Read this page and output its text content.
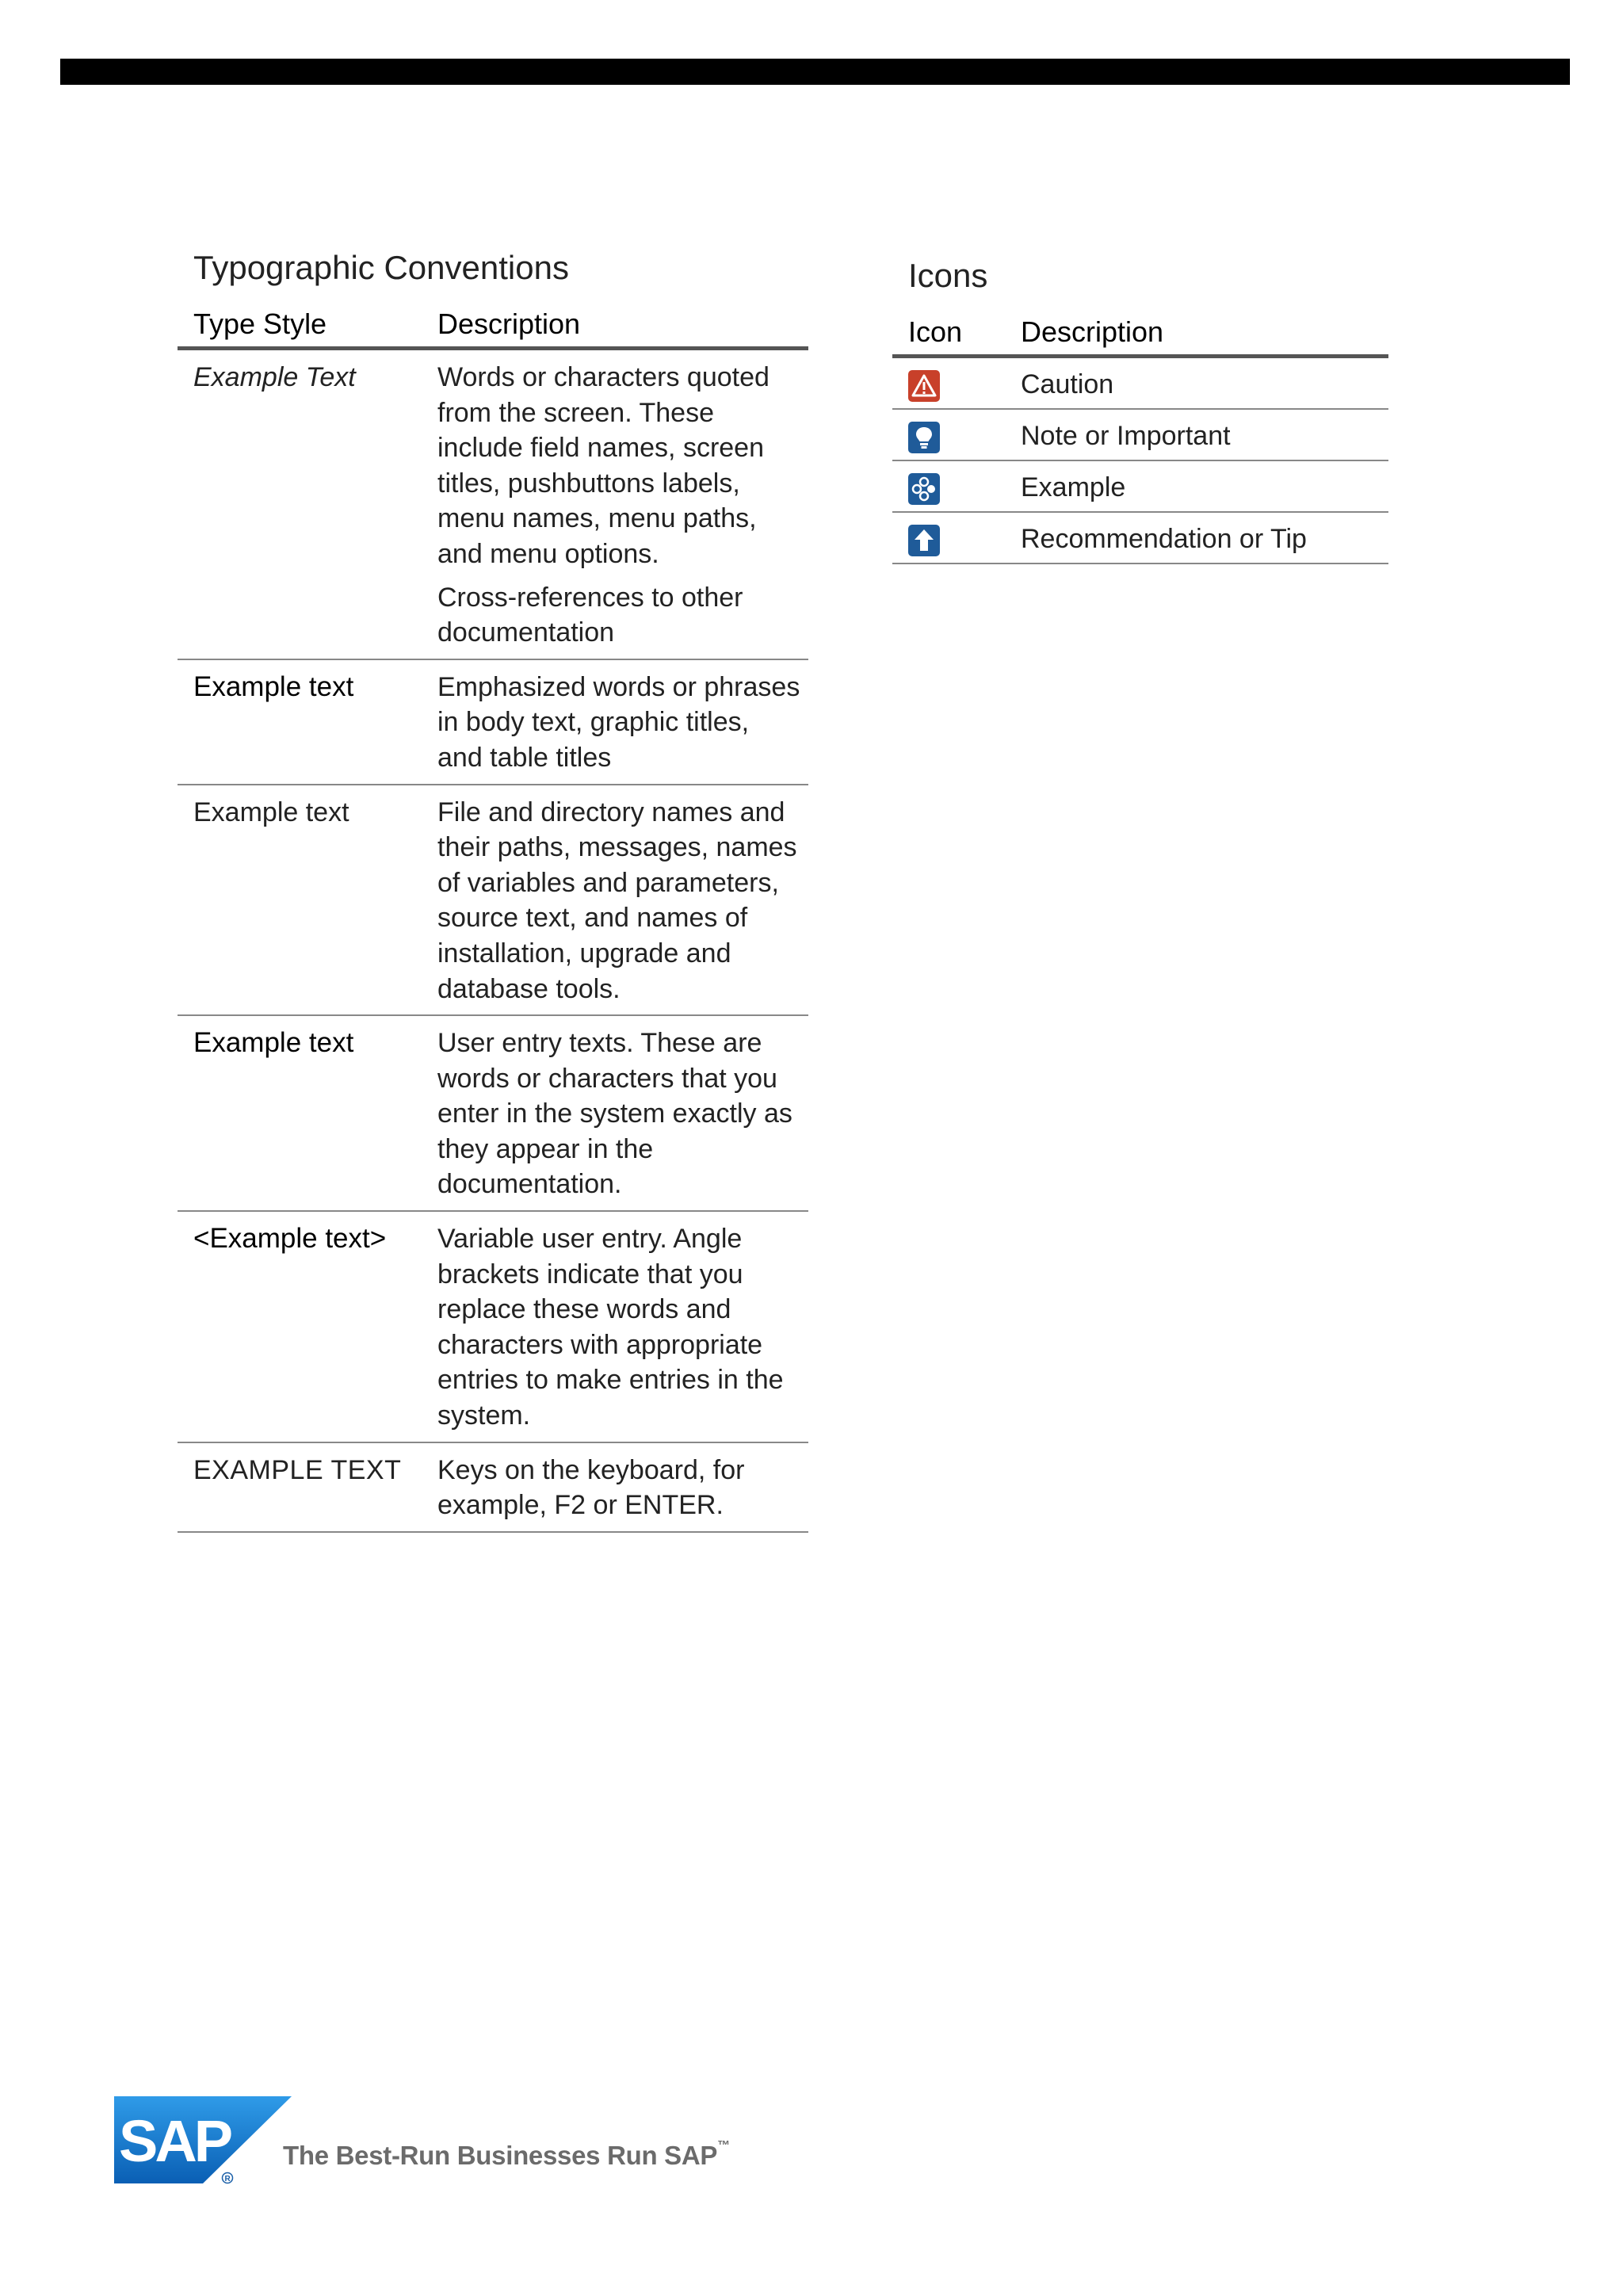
Typographic Conventions
Type Style	Description
Example Text	Words or characters quoted from the screen. These include field names, screen titles, pushbuttons labels, menu names, menu paths, and menu options.

Cross-references to other documentation

Example text	Emphasized words or phrases in body text, graphic titles, and table titles
Example text	File and directory names and their paths, messages, names of variables and parameters, source text, and names of installation, upgrade and database tools.
Example text	User entry texts. These are words or characters that you enter in the system exactly as they appear in the documentation.
<Example text>	Variable user entry. Angle brackets indicate that you replace these words and characters with appropriate entries to make entries in the system.
EXAMPLE TEXT	Keys on the keyboard, for example, F2 or ENTER.
Icons
Icon	Description

	Caution

	Note or Important

	Example

	Recommendation or Tip
SAP
R
The Best-Run Businesses Run SAP™
